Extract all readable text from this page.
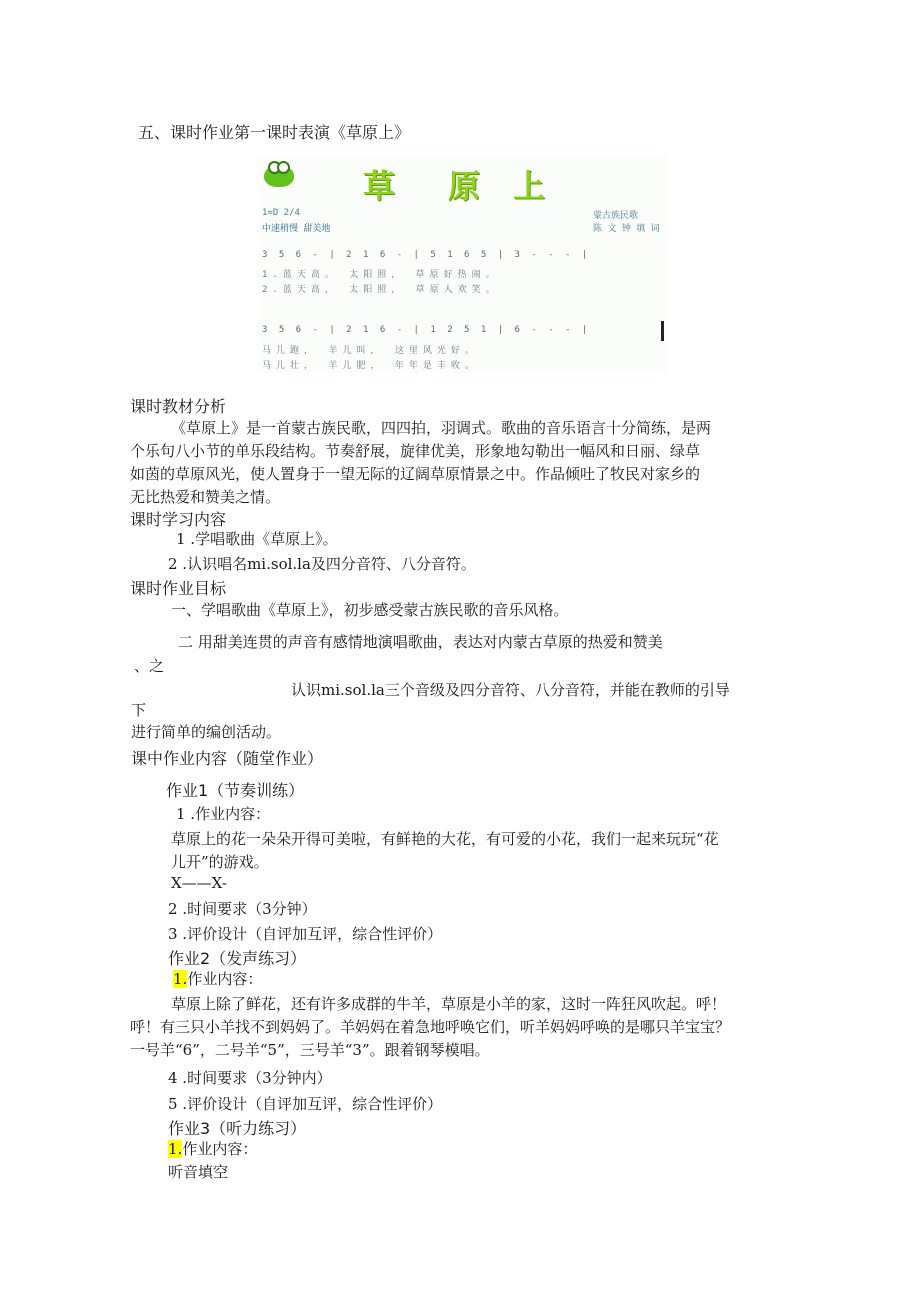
五、课时作业第一课时表演《草原上》
草 原 上
1=D 2/4
中速稍慢 甜美地
蒙古族民歌
陈 文 钟 填 词
3 5 6 - | 2 1 6 - | 5 1 6 5 | 3 - - - |
1.蓝天高。 太阳照， 草原好热闹。
2.蓝天高， 太阳照， 草原人欢笑。
3 5 6 - | 2 1 6 - | 1 2 5 1 | 6 - - - |
马儿跑， 羊儿叫， 这里风光好。
马儿壮， 羊儿肥， 年年是丰收。
课时教材分析
《草原上》是一首蒙古族民歌，四四拍，羽调式。歌曲的音乐语言十分简练，是两
个乐句八小节的单乐段结构。节奏舒展，旋律优美，形象地勾勒出一幅风和日丽、绿草
如茵的草原风光，使人置身于一望无际的辽阔草原情景之中。作品倾吐了牧民对家乡的
无比热爱和赞美之情。
课时学习内容
1 .学唱歌曲《草原上》。
2 .认识唱名mi.sol.la及四分音符、八分音符。
课时作业目标
一、学唱歌曲《草原上》，初步感受蒙古族民歌的音乐风格。
二 用甜美连贯的声音有感情地演唱歌曲，表达对内蒙古草原的热爱和赞美
、之
认识mi.sol.la三个音级及四分音符、八分音符，并能在教师的引导
下
进行简单的编创活动。
课中作业内容（随堂作业）
作业1（节奏训练）
1 .作业内容：
草原上的花一朵朵开得可美啦，有鲜艳的大花，有可爱的小花，我们一起来玩玩“花
儿开”的游戏。
X——X-
2 .时间要求（3分钟）
3 .评价设计（自评加互评，综合性评价）
作业2（发声练习）
1.作业内容：
草原上除了鲜花，还有许多成群的牛羊，草原是小羊的家，这时一阵狂风吹起。呼！
呼！有三只小羊找不到妈妈了。羊妈妈在着急地呼唤它们，听羊妈妈呼唤的是哪只羊宝宝？
一号羊“6”，二号羊“5”，三号羊“3”。跟着钢琴模唱。
4 .时间要求（3分钟内）
5 .评价设计（自评加互评，综合性评价）
作业3（听力练习）
1.作业内容：
听音填空
